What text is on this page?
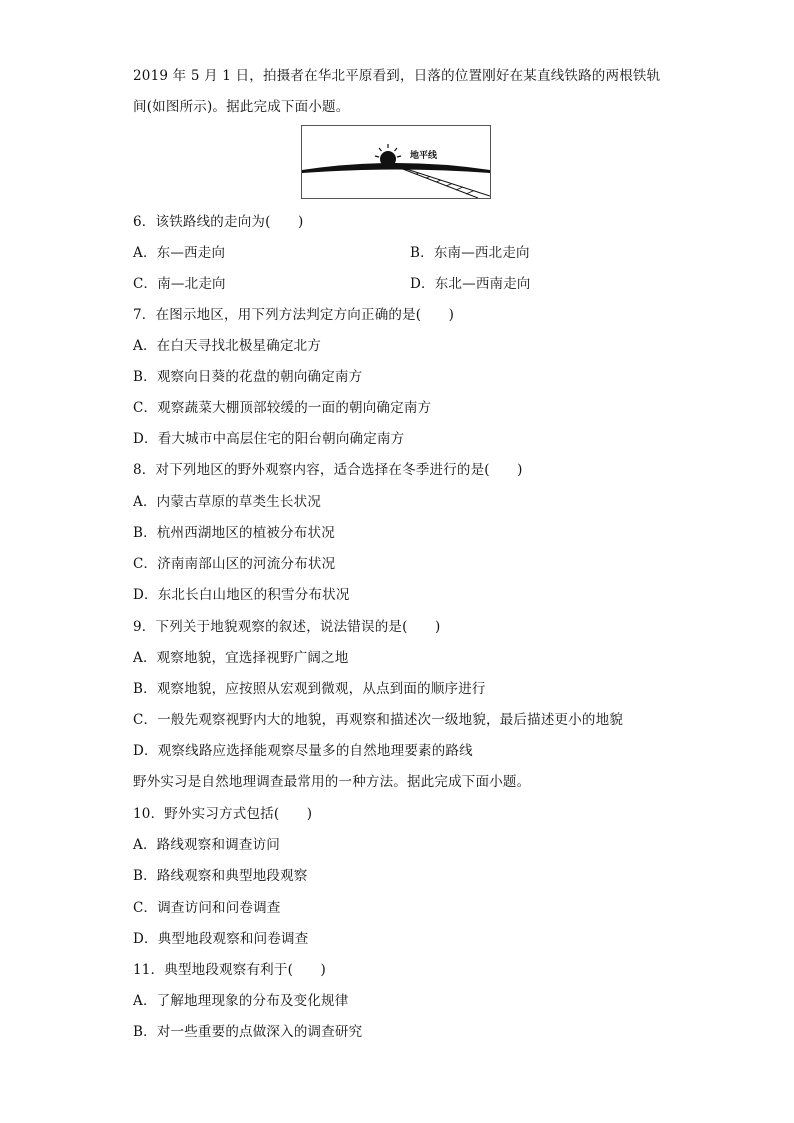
2019 年 5 月 1 日，拍摄者在华北平原看到，日落的位置刚好在某直线铁路的两根铁轨
间(如图所示)。据此完成下面小题。
地平线
6．该铁路线的走向为(　　)
A．东—西走向	B．东南—西北走向
C．南—北走向	D．东北—西南走向
7．在图示地区，用下列方法判定方向正确的是(　　)
A．在白天寻找北极星确定北方
B．观察向日葵的花盘的朝向确定南方
C．观察蔬菜大棚顶部较缓的一面的朝向确定南方
D．看大城市中高层住宅的阳台朝向确定南方
8．对下列地区的野外观察内容，适合选择在冬季进行的是(　　)
A．内蒙古草原的草类生长状况
B．杭州西湖地区的植被分布状况
C．济南南部山区的河流分布状况
D．东北长白山地区的积雪分布状况
9．下列关于地貌观察的叙述，说法错误的是(　　)
A．观察地貌，宜选择视野广阔之地
B．观察地貌，应按照从宏观到微观，从点到面的顺序进行
C．一般先观察视野内大的地貌，再观察和描述次一级地貌，最后描述更小的地貌
D．观察线路应选择能观察尽量多的自然地理要素的路线
野外实习是自然地理调查最常用的一种方法。据此完成下面小题。
10．野外实习方式包括(　　)
A．路线观察和调查访问
B．路线观察和典型地段观察
C．调查访问和问卷调查
D．典型地段观察和问卷调查
11．典型地段观察有利于(　　)
A．了解地理现象的分布及变化规律
B．对一些重要的点做深入的调查研究
